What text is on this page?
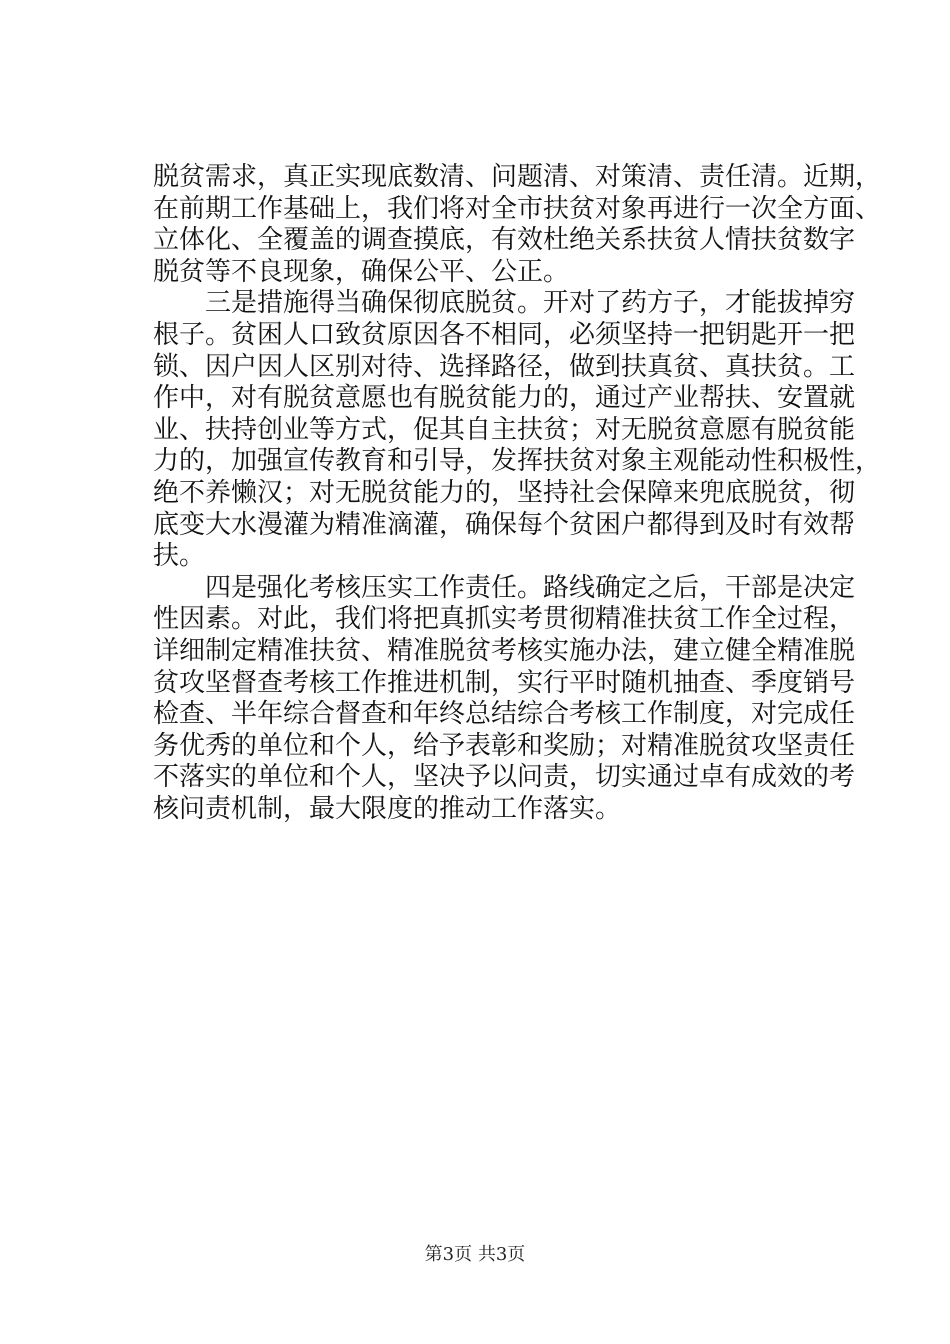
脱贫需求，真正实现底数清、问题清、对策清、责任清。近期，
在前期工作基础上，我们将对全市扶贫对象再进行一次全方面、
立体化、全覆盖的调查摸底，有效杜绝关系扶贫人情扶贫数字
脱贫等不良现象，确保公平、公正。
　　三是措施得当确保彻底脱贫。开对了药方子，才能拔掉穷
根子。贫困人口致贫原因各不相同，必须坚持一把钥匙开一把
锁、因户因人区别对待、选择路径，做到扶真贫、真扶贫。工
作中，对有脱贫意愿也有脱贫能力的，通过产业帮扶、安置就
业、扶持创业等方式，促其自主扶贫；对无脱贫意愿有脱贫能
力的，加强宣传教育和引导，发挥扶贫对象主观能动性积极性，
绝不养懒汉；对无脱贫能力的，坚持社会保障来兜底脱贫，彻
底变大水漫灌为精准滴灌，确保每个贫困户都得到及时有效帮
扶。
　　四是强化考核压实工作责任。路线确定之后，干部是决定
性因素。对此，我们将把真抓实考贯彻精准扶贫工作全过程，
详细制定精准扶贫、精准脱贫考核实施办法，建立健全精准脱
贫攻坚督查考核工作推进机制，实行平时随机抽查、季度销号
检查、半年综合督查和年终总结综合考核工作制度，对完成任
务优秀的单位和个人，给予表彰和奖励；对精准脱贫攻坚责任
不落实的单位和个人，坚决予以问责，切实通过卓有成效的考
核问责机制，最大限度的推动工作落实。
第3页 共3页
